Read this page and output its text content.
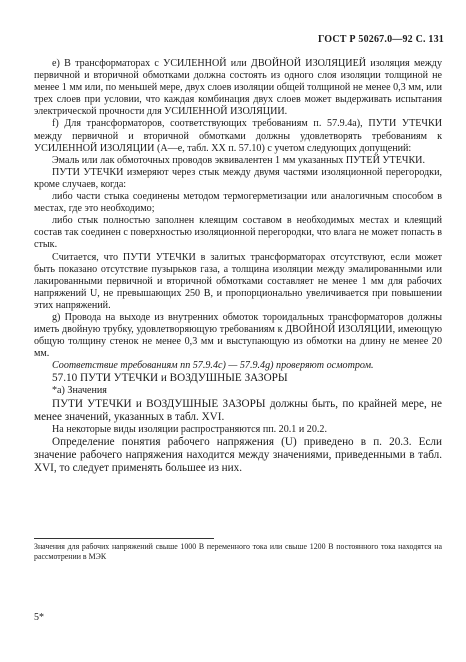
ГОСТ Р 50267.0—92 С. 131

е) В трансформаторах с УСИЛЕННОЙ или ДВОЙНОЙ ИЗОЛЯЦИЕЙ изоляция между первичной и вторичной обмотками должна состоять из одного слоя изоляции толщиной не менее 1 мм или, по меньшей мере, двух слоев изоляции общей толщиной не менее 0,3 мм, или трех слоев при условии, что каждая комбинация двух слоев может выдерживать испытания электрической прочности для УСИЛЕННОЙ ИЗОЛЯЦИИ.

f) Для трансформаторов, соответствующих требованиям п. 57.9.4а), ПУТИ УТЕЧКИ между первичной и вторичной обмотками должны удовлетворять требованиям к УСИЛЕННОЙ ИЗОЛЯЦИИ (А—е, табл. XX п. 57.10) с учетом следующих допущений:

Эмаль или лак обмоточных проводов эквивалентен 1 мм указанных ПУТЕЙ УТЕЧКИ.

ПУТИ УТЕЧКИ измеряют через стык между двумя частями изоляционной перегородки, кроме случаев, когда:

либо части стыка соединены методом термогерметизации или аналогичным способом в местах, где это необходимо;

либо стык полностью заполнен клеящим составом в необходимых местах и клеящий состав так соединен с поверхностью изоляционной перегородки, что влага не может попасть в стык.

Считается, что ПУТИ УТЕЧКИ в залитых трансформаторах отсутствуют, если может быть показано отсутствие пузырьков газа, а толщина изоляции между эмалированными или лакированными первичной и вторичной обмотками составляет не менее 1 мм для рабочих напряжений U, не превышающих 250 В, и пропорционально увеличивается при повышении этих напряжений.

g) Провода на выходе из внутренних обмоток тороидальных трансформаторов должны иметь двойную трубку, удовлетворяющую требованиям к ДВОЙНОЙ ИЗОЛЯЦИИ, имеющую общую толщину стенок не менее 0,3 мм и выступающую из обмотки на длину не менее 20 мм.

Соответствие требованиям пп 57.9.4с) — 57.9.4g) проверяют осмотром.

57.10 ПУТИ УТЕЧКИ и ВОЗДУШНЫЕ ЗАЗОРЫ

*а) Значения

ПУТИ УТЕЧКИ и ВОЗДУШНЫЕ ЗАЗОРЫ должны быть, по крайней мере, не менее значений, указанных в табл. XVI.

На некоторые виды изоляции распространяются пп. 20.1 и 20.2.

Определение понятия рабочего напряжения (U) приведено в п. 20.3. Если значение рабочего напряжения находится между значениями, приведенными в табл. XVI, то следует применять большее из них.

Значения для рабочих напряжений свыше 1000 В переменного тока или свыше 1200 В постоянного тока находятся на рассмотрении в МЭК
5*
